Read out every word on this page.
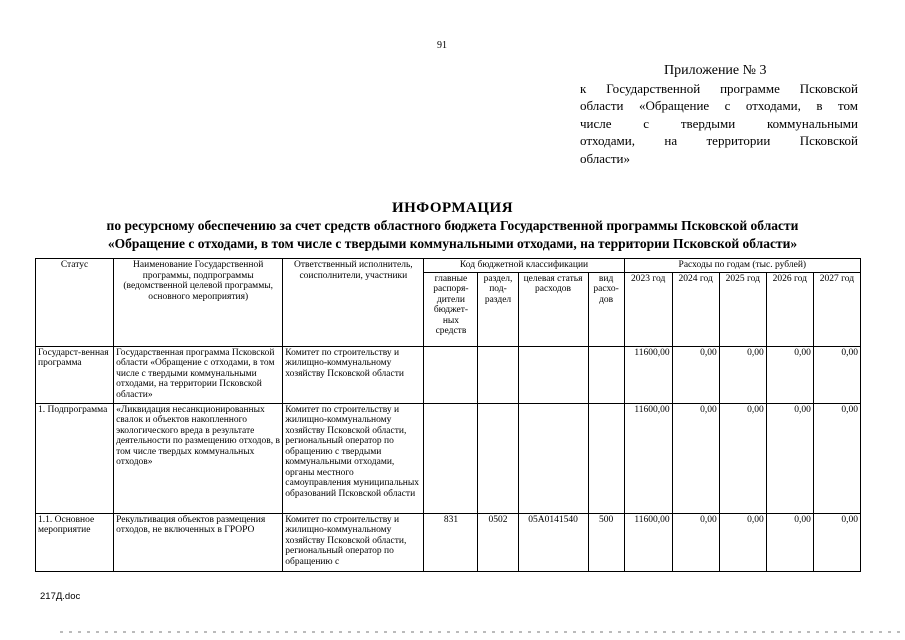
91
Приложение № 3
к Государственной программе Псковской
области «Обращение с отходами, в том
числе с твердыми коммунальными
отходами, на территории Псковской
области»
ИНФОРМАЦИЯ
по ресурсному обеспечению за счет средств областного бюджета Государственной программы Псковской области
«Обращение с отходами, в том числе с твердыми коммунальными отходами, на территории Псковской области»
Статус	Наименование Государственной программы, подпрограммы (ведомственной целевой программы, основного мероприятия)	Ответственный исполнитель, соисполнители, участники	Код бюджетной классификации				Расходы по годам (тыс. рублей)				
			главные распоря-дители бюджет-ных средств	раздел, под-раздел	целевая статья расходов	вид расхо-дов	2023 год	2024 год	2025 год	2026 год	2027 год
Государст-венная программа	Государственная программа Псковской области «Обращение с отходами, в том числе с твердыми коммунальными отходами, на территории Псковской области»	Комитет по строительству и жилищно-коммунальному хозяйству Псковской области					11600,00	0,00	0,00	0,00	0,00
1. Подпрограмма	«Ликвидация несанкционированных свалок и объектов накопленного экологического вреда в результате деятельности по размещению отходов, в том числе твердых коммунальных отходов»	Комитет по строительству и жилищно-коммунальному хозяйству Псковской области, региональный оператор по обращению с твердыми коммунальными отходами, органы местного самоуправления муниципальных образований Псковской области					11600,00	0,00	0,00	0,00	0,00
1.1. Основное мероприятие	Рекультивация объектов размещения отходов, не включенных в ГРОРО	Комитет по строительству и жилищно-коммунальному хозяйству Псковской области, региональный оператор по обращению с	831	0502	05А0141540	500	11600,00	0,00	0,00	0,00	0,00
217Д.doc
